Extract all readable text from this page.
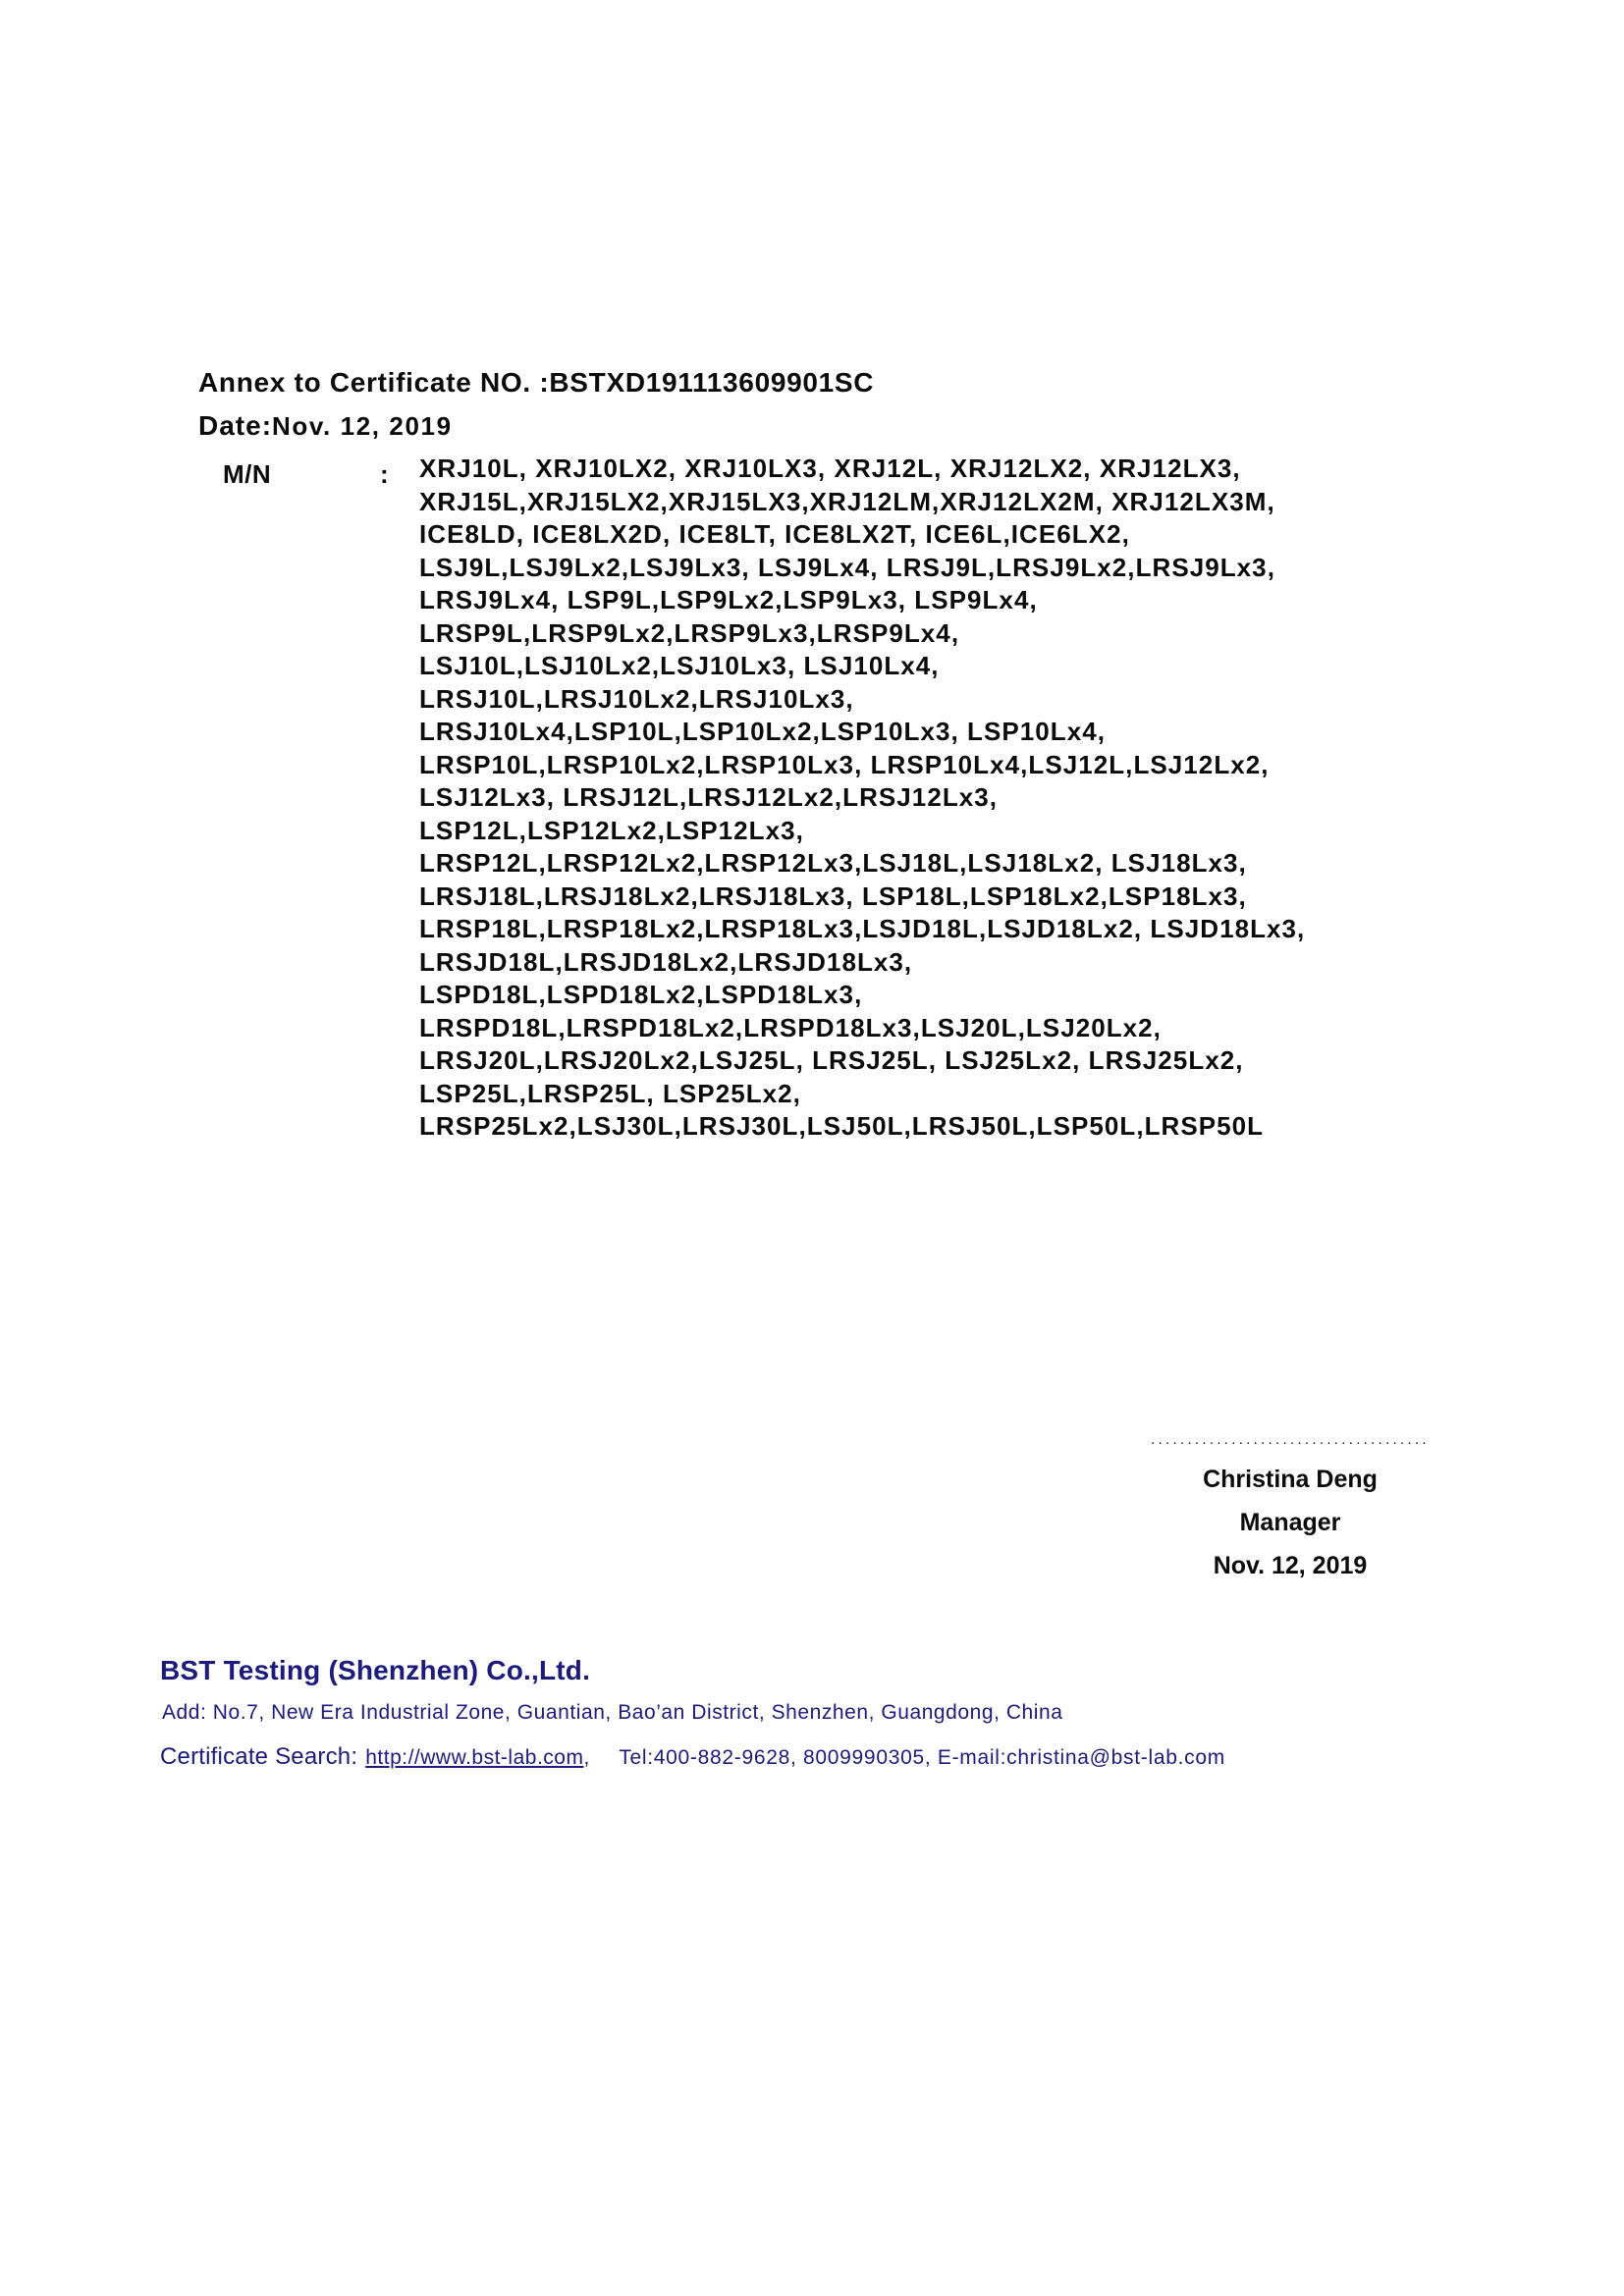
Annex to Certificate NO. :BSTXD191113609901SC
Date:Nov. 12, 2019
M/N	: XRJ10L, XRJ10LX2, XRJ10LX3, XRJ12L, XRJ12LX2, XRJ12LX3,
XRJ15L,XRJ15LX2,XRJ15LX3,XRJ12LM,XRJ12LX2M, XRJ12LX3M,
ICE8LD, ICE8LX2D, ICE8LT, ICE8LX2T, ICE6L,ICE6LX2,
LSJ9L,LSJ9Lx2,LSJ9Lx3, LSJ9Lx4, LRSJ9L,LRSJ9Lx2,LRSJ9Lx3,
LRSJ9Lx4, LSP9L,LSP9Lx2,LSP9Lx3, LSP9Lx4,
LRSP9L,LRSP9Lx2,LRSP9Lx3,LRSP9Lx4,
LSJ10L,LSJ10Lx2,LSJ10Lx3, LSJ10Lx4,
LRSJ10L,LRSJ10Lx2,LRSJ10Lx3,
LRSJ10Lx4,LSP10L,LSP10Lx2,LSP10Lx3, LSP10Lx4,
LRSP10L,LRSP10Lx2,LRSP10Lx3, LRSP10Lx4,LSJ12L,LSJ12Lx2,
LSJ12Lx3, LRSJ12L,LRSJ12Lx2,LRSJ12Lx3,
LSP12L,LSP12Lx2,LSP12Lx3,
LRSP12L,LRSP12Lx2,LRSP12Lx3,LSJ18L,LSJ18Lx2, LSJ18Lx3,
LRSJ18L,LRSJ18Lx2,LRSJ18Lx3, LSP18L,LSP18Lx2,LSP18Lx3,
LRSP18L,LRSP18Lx2,LRSP18Lx3,LSJD18L,LSJD18Lx2, LSJD18Lx3,
LRSJD18L,LRSJD18Lx2,LRSJD18Lx3,
LSPD18L,LSPD18Lx2,LSPD18Lx3,
LRSPD18L,LRSPD18Lx2,LRSPD18Lx3,LSJ20L,LSJ20Lx2,
LRSJ20L,LRSJ20Lx2,LSJ25L, LRSJ25L, LSJ25Lx2, LRSJ25Lx2,
LSP25L,LRSP25L, LSP25Lx2,
LRSP25Lx2,LSJ30L,LRSJ30L,LSJ50L,LRSJ50L,LSP50L,LRSP50L
......................................
Christina Deng
Manager
Nov. 12, 2019
BST Testing (Shenzhen) Co.,Ltd.
Add: No.7, New Era Industrial Zone, Guantian, Bao’an District, Shenzhen, Guangdong, China
Certificate Search: http://www.bst-lab.com, Tel:400-882-9628, 8009990305, E-mail:christina@bst-lab.com
